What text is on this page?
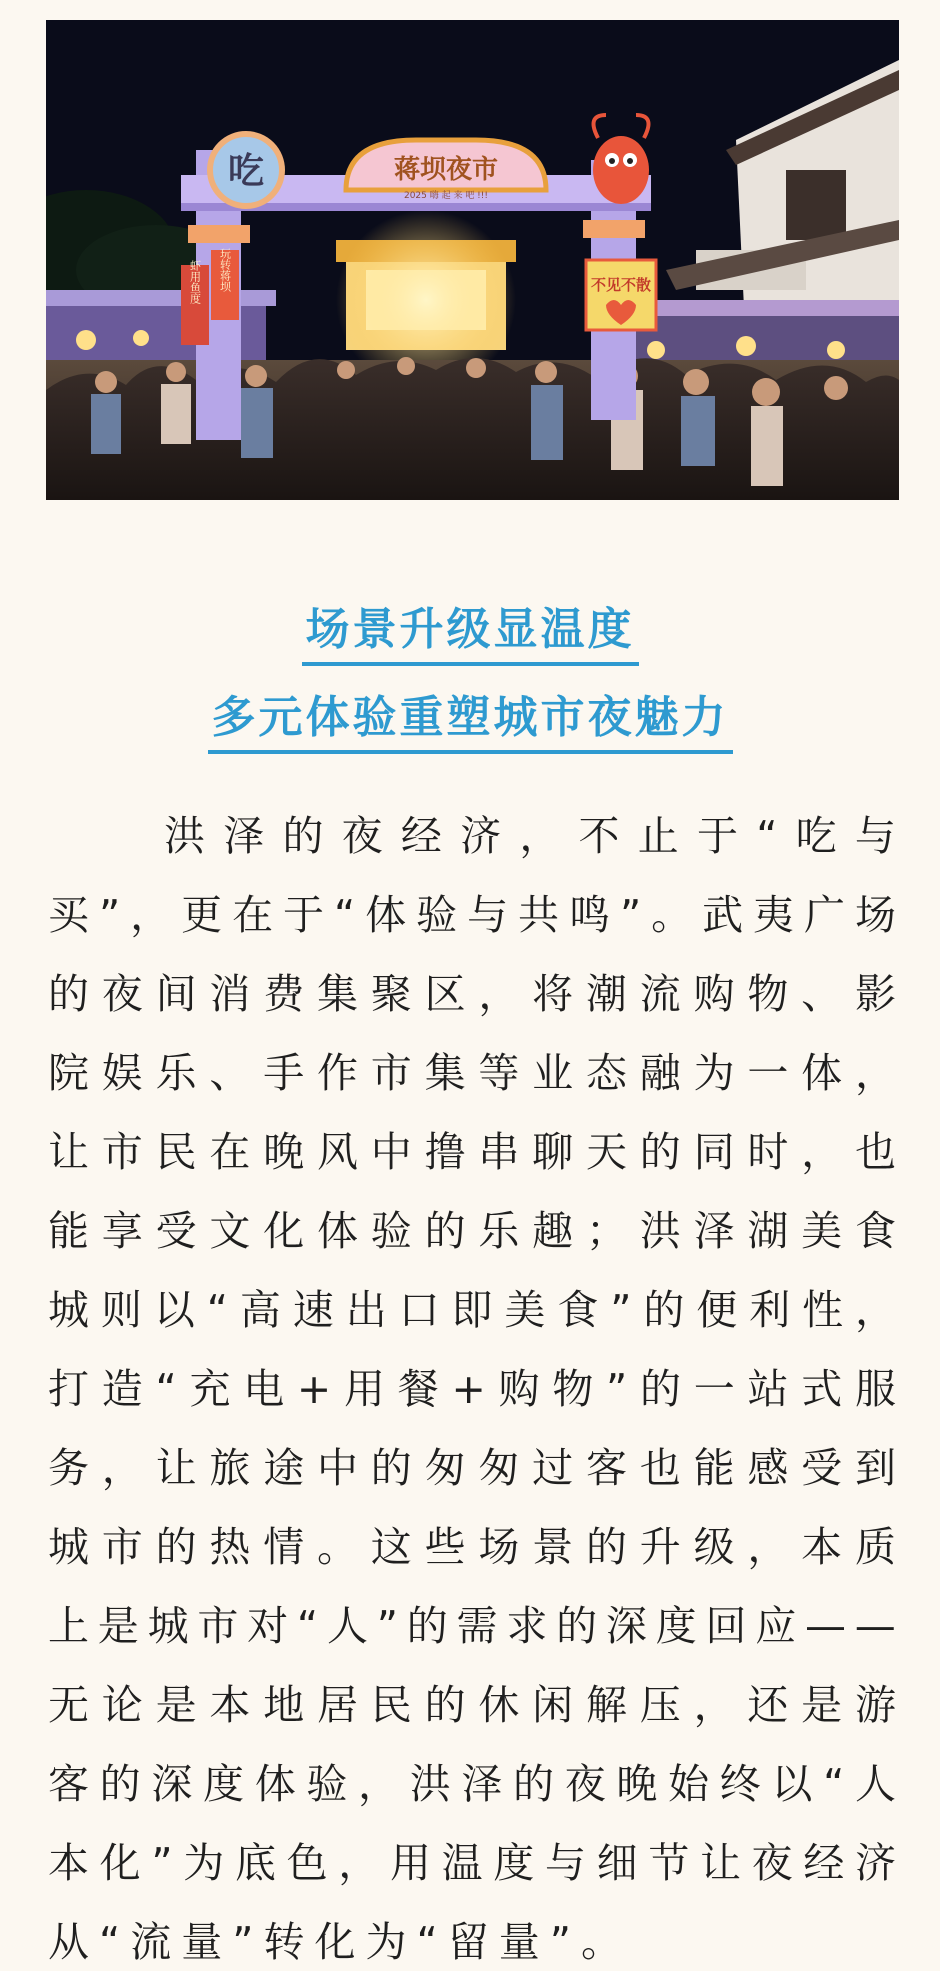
吃	蒋坝夜市
2025 嗨 起 来 吧 !!!
玩转蒋坝
虾用鱼度	不见不散
场景升级显温度
多元体验重塑城市夜魅力
洪 泽 的 夜 经 济 ， 不 止 于 “ 吃 与
买 ” ， 更 在 于 “ 体 验 与 共 鸣 ” 。 武 夷 广 场
的 夜 间 消 费 集 聚 区 ， 将 潮 流 购 物 、 影
院 娱 乐 、 手 作 市 集 等 业 态 融 为 一 体 ，
让 市 民 在 晚 风 中 撸 串 聊 天 的 同 时 ， 也
能 享 受 文 化 体 验 的 乐 趣 ； 洪 泽 湖 美 食
城 则 以 “ 高 速 出 口 即 美 食 ” 的 便 利 性 ，
打 造 “ 充 电 + 用 餐 + 购 物 ” 的 一 站 式 服
务 ， 让 旅 途 中 的 匆 匆 过 客 也 能 感 受 到
城 市 的 热 情 。 这 些 场 景 的 升 级 ， 本 质
上 是 城 市 对 “ 人 ” 的 需 求 的 深 度 回 应 — —
无 论 是 本 地 居 民 的 休 闲 解 压 ， 还 是 游
客 的 深 度 体 验 ， 洪 泽 的 夜 晚 始 终 以 “ 人
本 化 ” 为 底 色 ， 用 温 度 与 细 节 让 夜 经 济
从 “ 流 量 ” 转 化 为 “ 留 量 ” 。
